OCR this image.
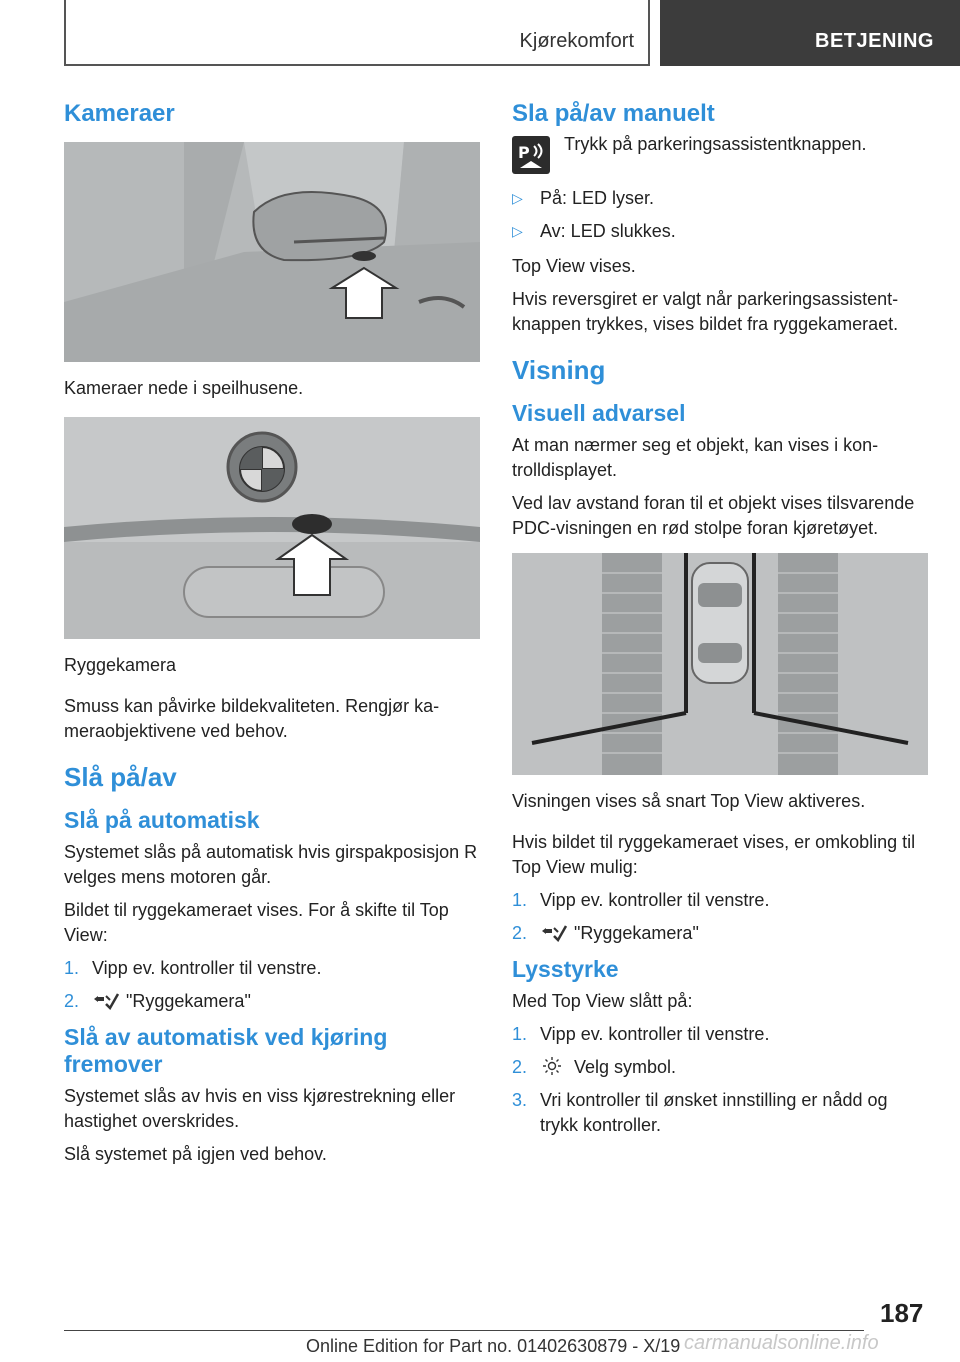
Kjørekomfort	BETJENING
Kameraer

Kameraer nede i speilhusene.

Ryggekamera

Smuss kan påvirke bildekvaliteten. Rengjør kameraobjektivene ved behov.

Slå på/av
Slå på automatisk

Systemet slås på automatisk hvis girspakposisjon R velges mens motoren går.

Bildet til ryggekameraet vises. For å skifte til Top View:

1. Vipp ev. kontroller til venstre.
2.	"Ryggekamera"
Slå av automatisk ved kjøring fremover

Systemet slås av hvis en viss kjørestrekning eller hastighet overskrides.

Slå systemet på igjen ved behov.

Sla på/av manuelt
P Trykk på parkeringsassistentknappen.

▷ På: LED lyser.
▷ Av: LED slukkes.

Top View vises.

Hvis reversgiret er valgt når parkeringsassistentknappen trykkes, vises bildet fra ryggekameraet.

Visning
Visuell advarsel

At man nærmer seg et objekt, kan vises i kontrolldisplayet.

Ved lav avstand foran til et objekt vises tilsvarende PDC-visningen en rød stolpe foran kjøretøyet.

Visningen vises så snart Top View aktiveres.

Hvis bildet til ryggekameraet vises, er omkobling til Top View mulig:

1. Vipp ev. kontroller til venstre.
2.	"Ryggekamera"
Lysstyrke

Med Top View slått på:

1. Vipp ev. kontroller til venstre.
2.	Velg symbol.
3. Vri kontroller til ønsket innstilling er nådd og trykk kontroller.
187
Online Edition for Part no. 01402630879 - X/19 carmanualsonline.info
